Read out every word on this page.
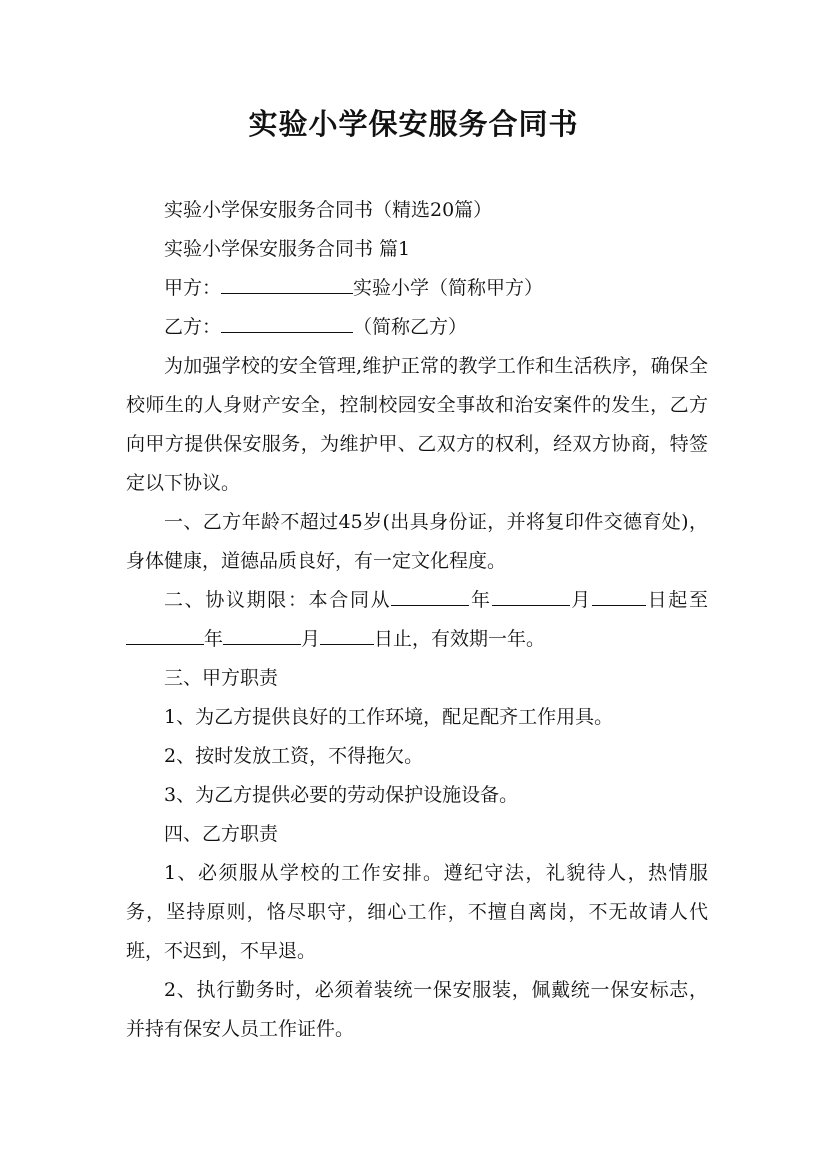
实验小学保安服务合同书

实验小学保安服务合同书（精选20篇）

实验小学保安服务合同书 篇1

甲方：	实验小学（简称甲方）

乙方：	（简称乙方）

为加强学校的安全管理,维护正常的教学工作和生活秩序，确保全校师生的人身财产安全，控制校园安全事故和治安案件的发生，乙方向甲方提供保安服务，为维护甲、乙双方的权利，经双方协商，特签定以下协议。

一、乙方年龄不超过45岁(出具身份证，并将复印件交德育处)，身体健康，道德品质良好，有一定文化程度。

二、协议期限：本合同从	年	月	日起至年	月	日止，有效期一年。

三、甲方职责

1、为乙方提供良好的工作环境，配足配齐工作用具。

2、按时发放工资，不得拖欠。

3、为乙方提供必要的劳动保护设施设备。

四、乙方职责

1、必须服从学校的工作安排。遵纪守法，礼貌待人，热情服务，坚持原则，恪尽职守，细心工作，不擅自离岗，不无故请人代班，不迟到，不早退。

2、执行勤务时，必须着装统一保安服装，佩戴统一保安标志，并持有保安人员工作证件。
